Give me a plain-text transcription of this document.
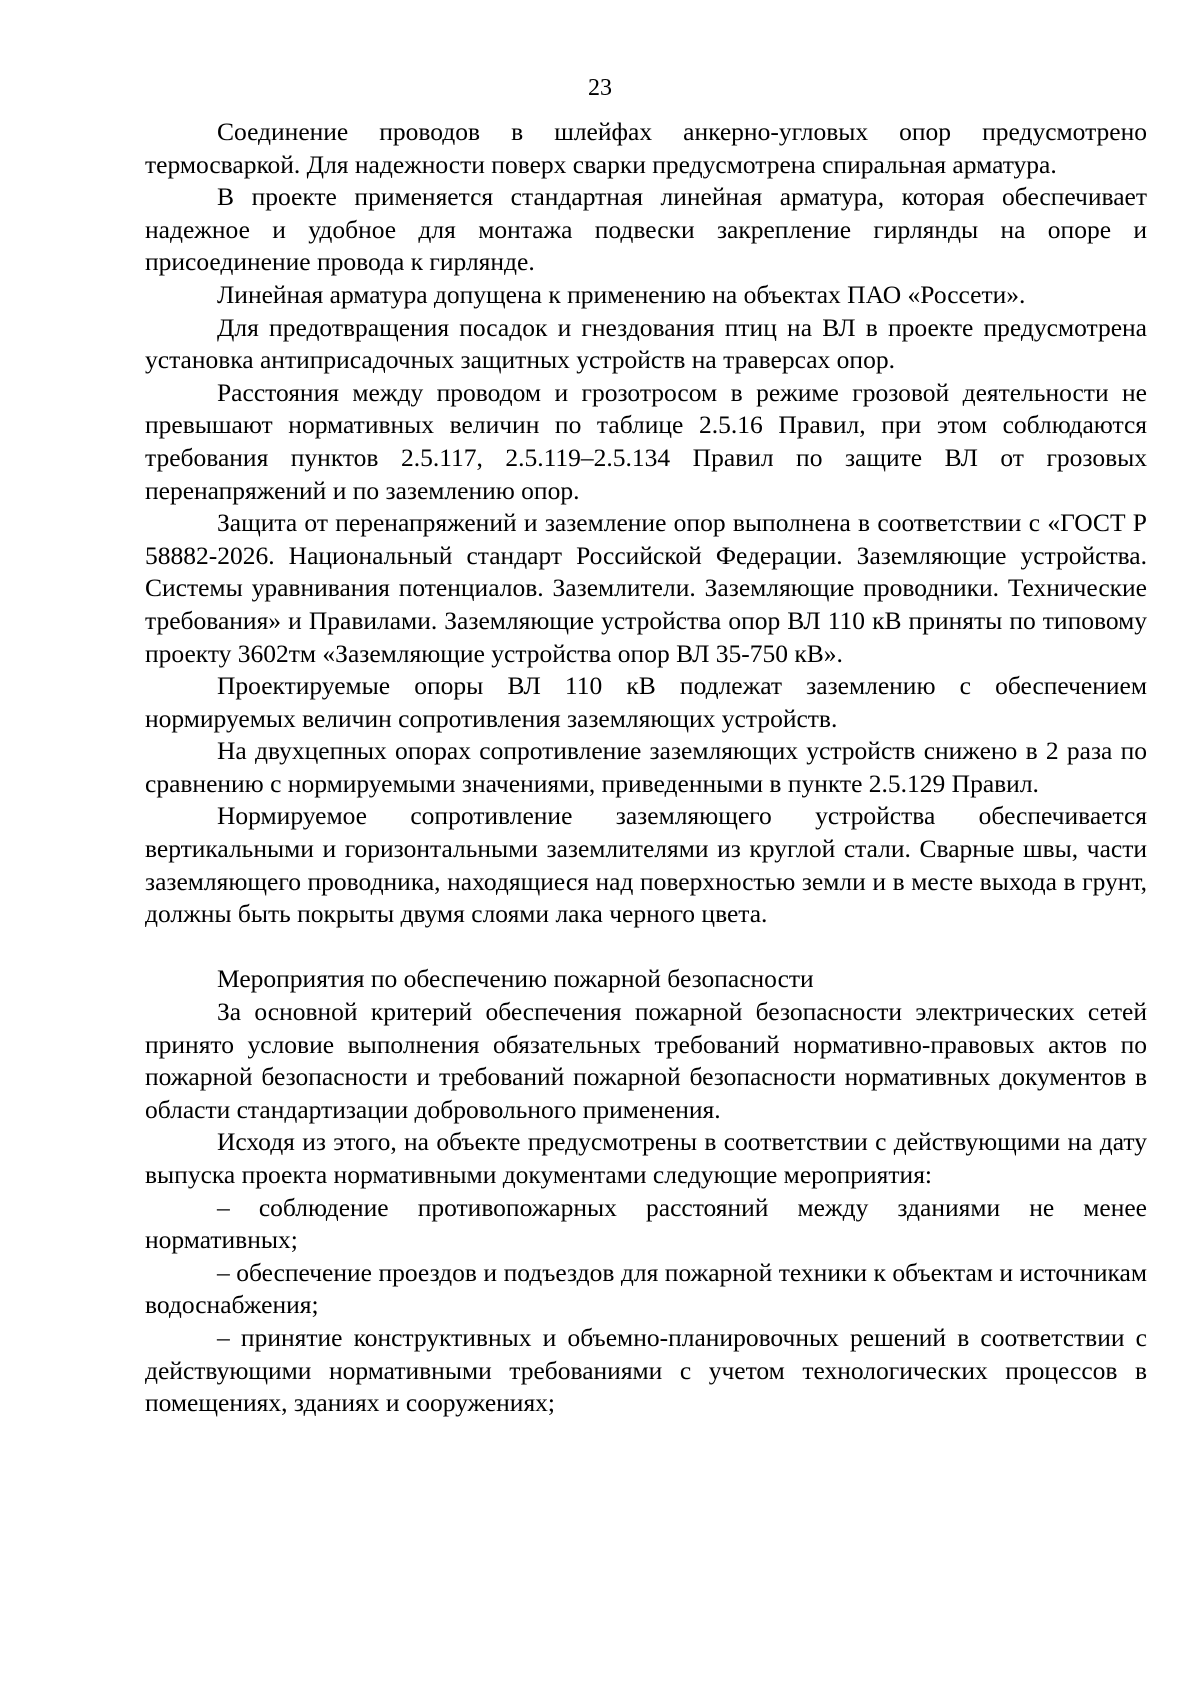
23

Соединение проводов в шлейфах анкерно-угловых опор предусмотрено термосваркой. Для надежности поверх сварки предусмотрена спиральная арматура.

В проекте применяется стандартная линейная арматура, которая обеспечивает надежное и удобное для монтажа подвески закрепление гирлянды на опоре и присоединение провода к гирлянде.

Линейная арматура допущена к применению на объектах ПАО «Россети».

Для предотвращения посадок и гнездования птиц на ВЛ в проекте предусмотрена установка антиприсадочных защитных устройств на траверсах опор.

Расстояния между проводом и грозотросом в режиме грозовой деятельности не превышают нормативных величин по таблице 2.5.16 Правил, при этом соблюдаются требования пунктов 2.5.117, 2.5.119–2.5.134 Правил по защите ВЛ от грозовых перенапряжений и по заземлению опор.

Защита от перенапряжений и заземление опор выполнена в соответствии с «ГОСТ Р 58882-2026. Национальный стандарт Российской Федерации. Заземляющие устройства. Системы уравнивания потенциалов. Заземлители. Заземляющие проводники. Технические требования» и Правилами. Заземляющие устройства опор ВЛ 110 кВ приняты по типовому проекту 3602тм «Заземляющие устройства опор ВЛ 35-750 кВ».

Проектируемые опоры ВЛ 110 кВ подлежат заземлению с обеспечением нормируемых величин сопротивления заземляющих устройств.

На двухцепных опорах сопротивление заземляющих устройств снижено в 2 раза по сравнению с нормируемыми значениями, приведенными в пункте 2.5.129 Правил.

Нормируемое сопротивление заземляющего устройства обеспечивается вертикальными и горизонтальными заземлителями из круглой стали. Сварные швы, части заземляющего проводника, находящиеся над поверхностью земли и в месте выхода в грунт, должны быть покрыты двумя слоями лака черного цвета.

Мероприятия по обеспечению пожарной безопасности

За основной критерий обеспечения пожарной безопасности электрических сетей принято условие выполнения обязательных требований нормативно-правовых актов по пожарной безопасности и требований пожарной безопасности нормативных документов в области стандартизации добровольного применения.

Исходя из этого, на объекте предусмотрены в соответствии с действующими на дату выпуска проекта нормативными документами следующие мероприятия:

– соблюдение противопожарных расстояний между зданиями не менее нормативных;

– обеспечение проездов и подъездов для пожарной техники к объектам и источникам водоснабжения;

– принятие конструктивных и объемно-планировочных решений в соответствии с действующими нормативными требованиями с учетом технологических процессов в помещениях, зданиях и сооружениях;
